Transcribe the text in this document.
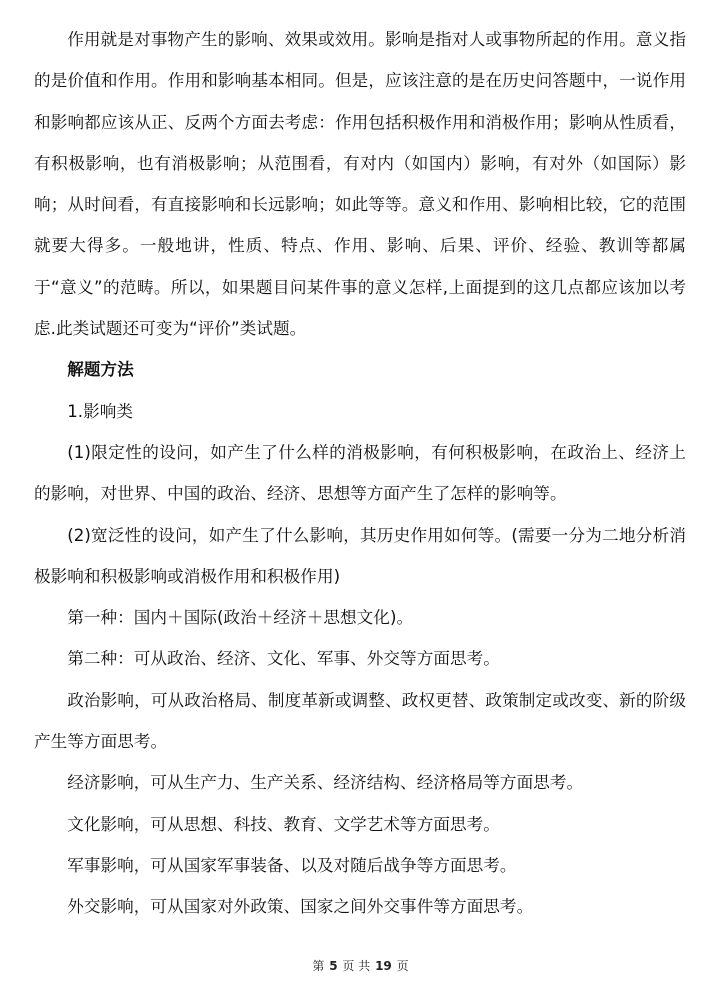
作用就是对事物产生的影响、效果或效用。影响是指对人或事物所起的作用。意义指的是价值和作用。作用和影响基本相同。但是，应该注意的是在历史问答题中，一说作用和影响都应该从正、反两个方面去考虑：作用包括积极作用和消极作用；影响从性质看，有积极影响，也有消极影响；从范围看，有对内（如国内）影响，有对外（如国际）影响；从时间看，有直接影响和长远影响；如此等等。意义和作用、影响相比较，它的范围就要大得多。一般地讲，性质、特点、作用、影响、后果、评价、经验、教训等都属于“意义”的范畴。所以，如果题目问某件事的意义怎样,上面提到的这几点都应该加以考虑.此类试题还可变为“评价”类试题。

解题方法

1.影响类

(1)限定性的设问，如产生了什么样的消极影响，有何积极影响，在政治上、经济上的影响，对世界、中国的政治、经济、思想等方面产生了怎样的影响等。

(2)宽泛性的设问，如产生了什么影响，其历史作用如何等。(需要一分为二地分析消极影响和积极影响或消极作用和积极作用)

第一种：国内＋国际(政治＋经济＋思想文化)。

第二种：可从政治、经济、文化、军事、外交等方面思考。

政治影响，可从政治格局、制度革新或调整、政权更替、政策制定或改变、新的阶级产生等方面思考。

经济影响，可从生产力、生产关系、经济结构、经济格局等方面思考。

文化影响，可从思想、科技、教育、文学艺术等方面思考。

军事影响，可从国家军事装备、以及对随后战争等方面思考。

外交影响，可从国家对外政策、国家之间外交事件等方面思考。

第 5 页 共 19 页
